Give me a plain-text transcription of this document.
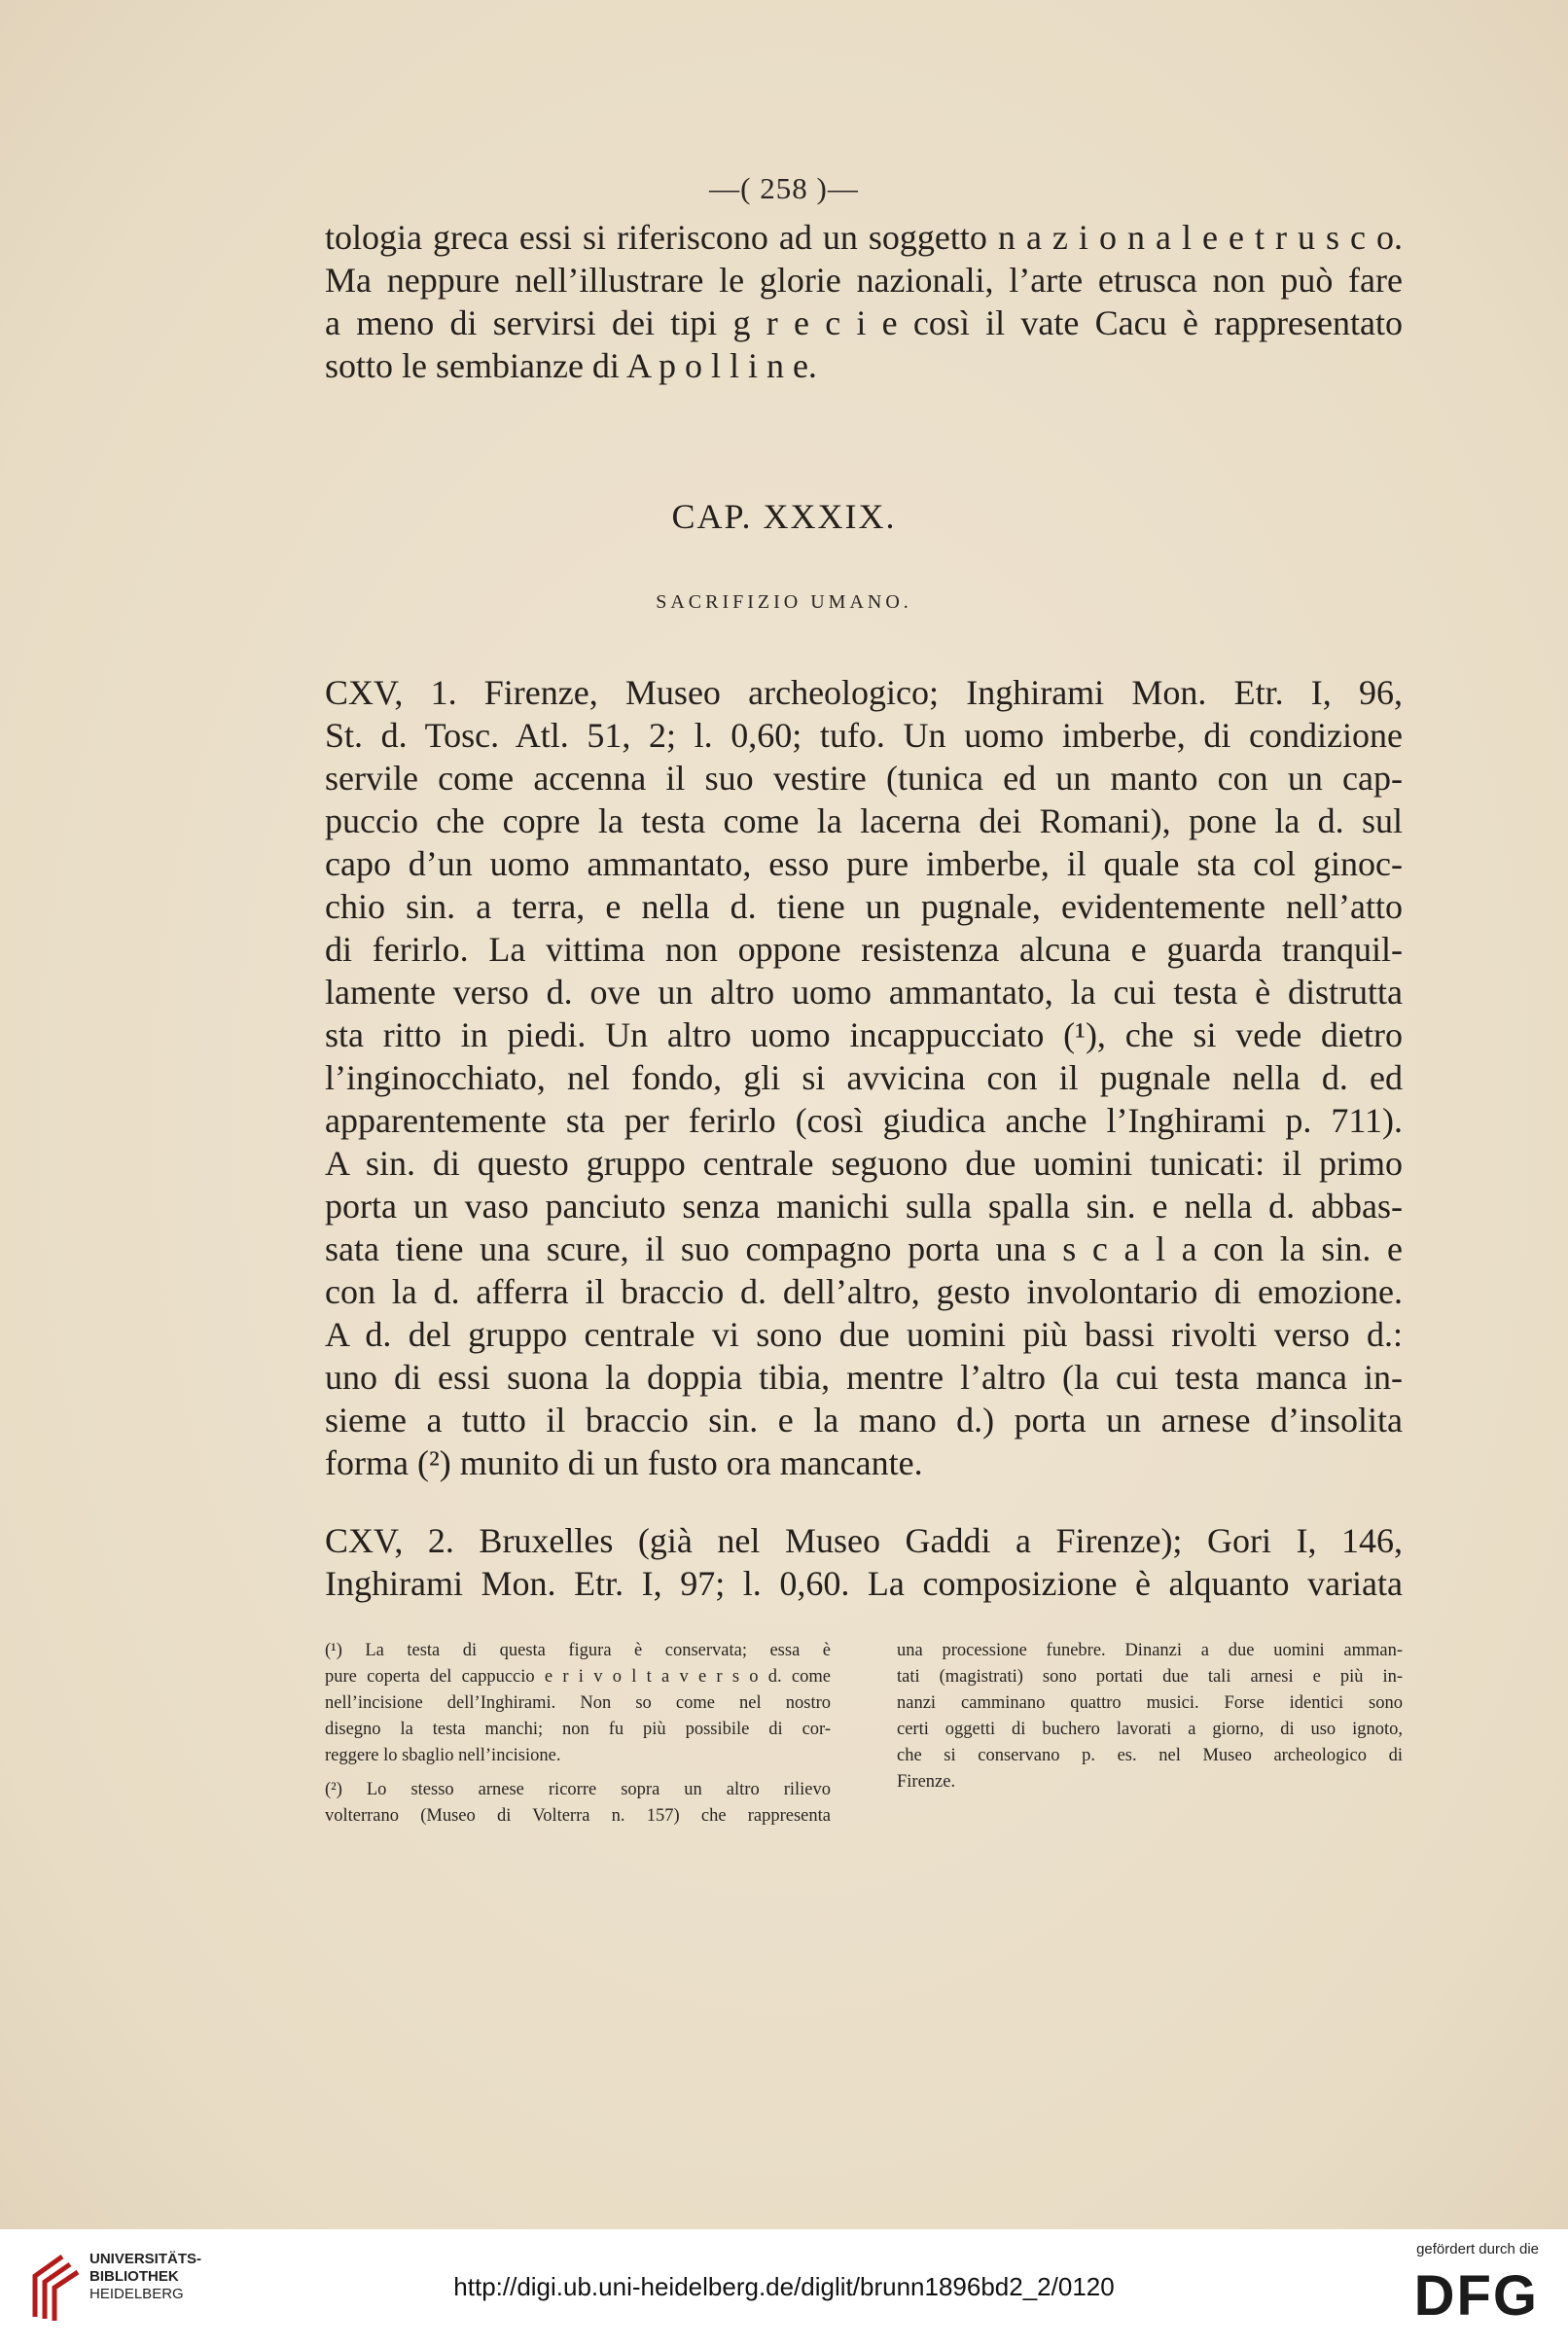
—( 258 )—
tologia greca essi si riferiscono ad un soggetto n a z i o n a l e e t r u s c o.
Ma neppure nell’illustrare le glorie nazionali, l’arte etrusca non può fare
a meno di servirsi dei tipi g r e c i e così il vate Cacu è rappresentato
sotto le sembianze di A p o l l i n e.
CAP. XXXIX.
SACRIFIZIO UMANO.
CXV, 1. Firenze, Museo archeologico; Inghirami Mon. Etr. I, 96,
St. d. Tosc. Atl. 51, 2; l. 0,60; tufo. Un uomo imberbe, di condizione
servile come accenna il suo vestire (tunica ed un manto con un cap-
puccio che copre la testa come la lacerna dei Romani), pone la d. sul
capo d’un uomo ammantato, esso pure imberbe, il quale sta col ginoc-
chio sin. a terra, e nella d. tiene un pugnale, evidentemente nell’atto
di ferirlo. La vittima non oppone resistenza alcuna e guarda tranquil-
lamente verso d. ove un altro uomo ammantato, la cui testa è distrutta
sta ritto in piedi. Un altro uomo incappucciato (¹), che si vede dietro
l’inginocchiato, nel fondo, gli si avvicina con il pugnale nella d. ed
apparentemente sta per ferirlo (così giudica anche l’Inghirami p. 711).
A sin. di questo gruppo centrale seguono due uomini tunicati: il primo
porta un vaso panciuto senza manichi sulla spalla sin. e nella d. abbas-
sata tiene una scure, il suo compagno porta una s c a l a con la sin. e
con la d. afferra il braccio d. dell’altro, gesto involontario di emozione.
A d. del gruppo centrale vi sono due uomini più bassi rivolti verso d.:
uno di essi suona la doppia tibia, mentre l’altro (la cui testa manca in-
sieme a tutto il braccio sin. e la mano d.) porta un arnese d’insolita
forma (²) munito di un fusto ora mancante.
CXV, 2. Bruxelles (già nel Museo Gaddi a Firenze); Gori I, 146,
Inghirami Mon. Etr. I, 97; l. 0,60. La composizione è alquanto variata
(¹) La testa di questa figura è conservata; essa è
pure coperta del cappuccio e r i v o l t a v e r s o d. come
nell’incisione dell’Inghirami. Non so come nel nostro
disegno la testa manchi; non fu più possibile di cor-
reggere lo sbaglio nell’incisione.
(²) Lo stesso arnese ricorre sopra un altro rilievo
volterrano (Museo di Volterra n. 157) che rappresenta
una processione funebre. Dinanzi a due uomini amman-
tati (magistrati) sono portati due tali arnesi e più in-
nanzi camminano quattro musici. Forse identici sono
certi oggetti di buchero lavorati a giorno, di uso ignoto,
che si conservano p. es. nel Museo archeologico di
Firenze.
UNIVERSITÄTS-
BIBLIOTHEK
HEIDELBERG	http://digi.ub.uni-heidelberg.de/diglit/brunn1896bd2_2/0120
gefördert durch die
DFG
